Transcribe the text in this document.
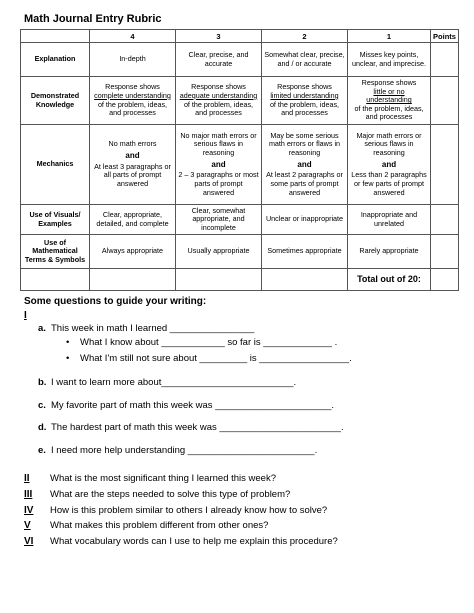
Math Journal Entry Rubric
	4	3	2	1	Points
Explanation	In-depth	Clear, precise, and accurate	Somewhat clear, precise, and / or accurate	Misses key points, unclear, and imprecise.	
Demonstrated Knowledge	Response shows
complete understanding
of the problem, ideas, and processes	Response shows
adequate understanding
of the problem, ideas, and processes	Response shows
limited understanding
of the problem, ideas, and processes	Response shows
little or no understanding
of the problem, ideas, and processes	
Mechanics	No math errors
and
At least 3 paragraphs or all parts of prompt answered	No major math errors or serious flaws in reasoning
and
2 – 3 paragraphs or most parts of prompt answered	May be some serious math errors or flaws in reasoning
and
At least 2 paragraphs or some parts of prompt answered	Major math errors or serious flaws in reasoning
and
Less than 2 paragraphs or few parts of prompt answered	
Use of Visuals/ Examples	Clear, appropriate, detailed, and complete	Clear, somewhat appropriate, and incomplete	Unclear or inappropriate	Inappropriate and unrelated	
Use of Mathematical Terms & Symbols	Always appropriate	Usually appropriate	Sometimes appropriate	Rarely appropriate	
				Total out of 20:	
Some questions to guide your writing:
I
a. This week in math I learned ________________
• What I know about ____________ so far is _____________ .
• What I'm still not sure about _________ is _________________.
b. I want to learn more about_________________________.
c. My favorite part of math this week was ______________________.
d. The hardest part of math this week was _______________________.
e. I need more help understanding ________________________.
II What is the most significant thing I learned this week?
III What are the steps needed to solve this type of problem?
IV How is this problem similar to others I already know how to solve?
V What makes this problem different from other ones?
VI What vocabulary words can I use to help me explain this procedure?
